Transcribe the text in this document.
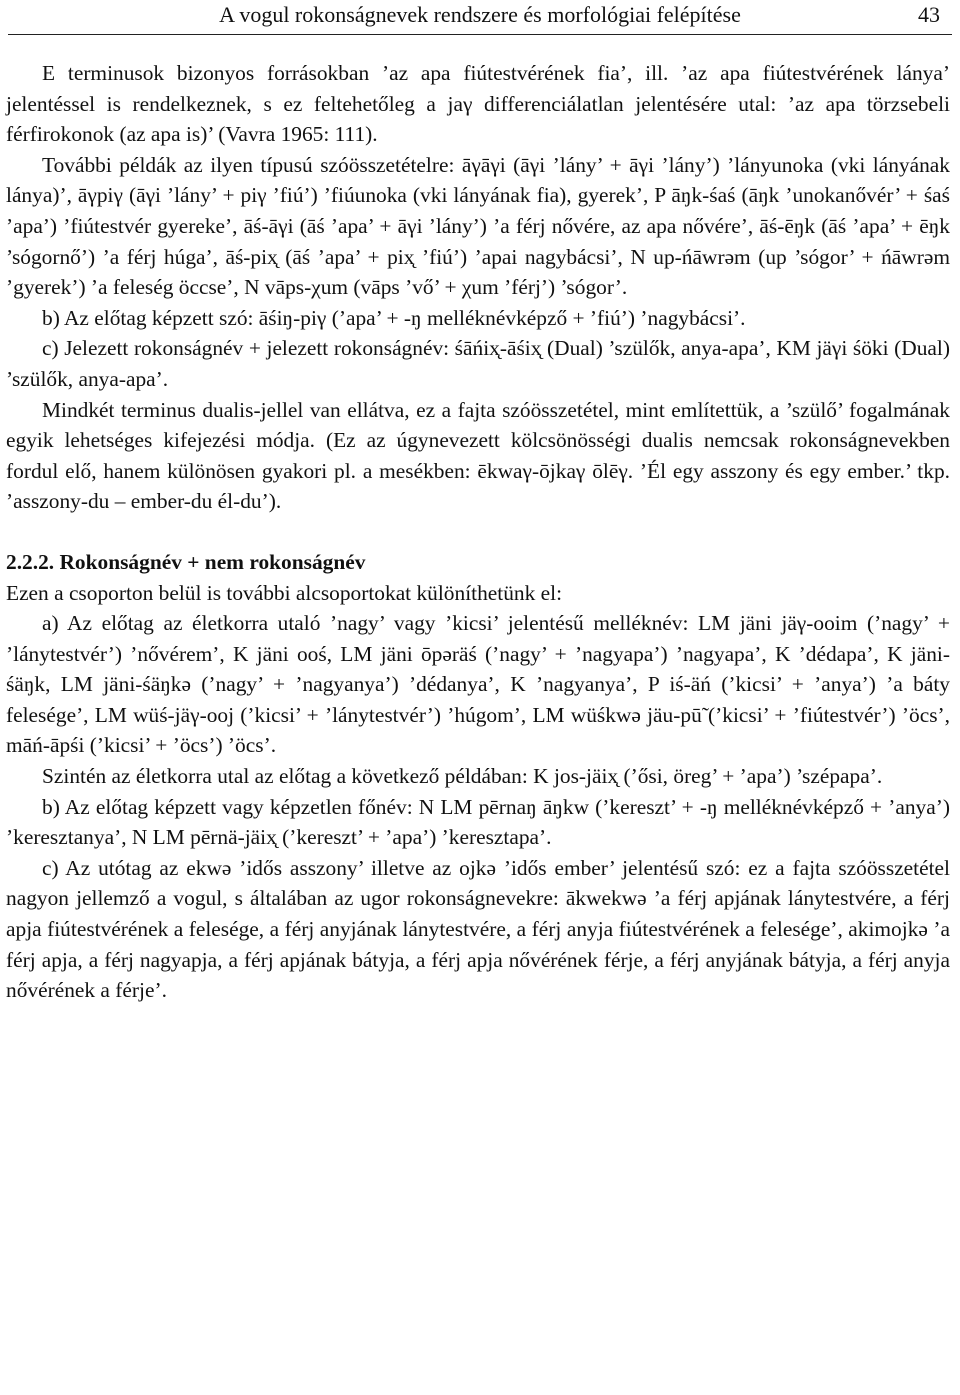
A vogul rokonságnevek rendszere és morfológiai felépítése	43

E terminusok bizonyos forrásokban ’az apa fiútestvérének fia’, ill. ’az apa fiútestvérének lánya’ jelentéssel is rendelkeznek, s ez feltehetőleg a jaγ differenciálatlan jelentésére utal: ’az apa törzsebeli férfirokonok (az apa is)’ (Vavra 1965: 111).

További példák az ilyen típusú szóösszetételre: āγāγi (āγi ’lány’ + āγi ’lány’) ’lányunoka (vki lányának lánya)’, āγpiγ (āγi ’lány’ + piγ ’fiú’) ’fiúunoka (vki lányának fia), gyerek’, P āŋk-śaś (āŋk ’unokanővér’ + śaś ’apa’) ’fiútestvér gyereke’, āś-āγi (āś ’apa’ + āγi ’lány’) ’a férj nővére, az apa nővére’, āś-ēŋk (āś ’apa’ + ēŋk ’sógornő’) ’a férj húga’, āś-pix̨ (āś ’apa’ + pix̨ ’fiú’) ’apai nagybácsi’, N up-ńāwrəm (up ’sógor’ + ńāwrəm ’gyerek’) ’a feleség öccse’, N vāps-χum (vāps ’vő’ + χum ’férj’) ’sógor’.

b) Az előtag képzett szó: āśiŋ-piγ (’apa’ + -ŋ melléknévképző + ’fiú’) ’nagybácsi’.

c) Jelezett rokonságnév + jelezett rokonságnév: śāńix̨-āśix̨ (Dual) ’szülők, anya-apa’, KM jäγi śöki (Dual) ’szülők, anya-apa’.

Mindkét terminus dualis-jellel van ellátva, ez a fajta szóösszetétel, mint említettük, a ’szülő’ fogalmának egyik lehetséges kifejezési módja. (Ez az úgynevezett kölcsönösségi dualis nemcsak rokonságnevekben fordul elő, hanem különösen gyakori pl. a mesékben: ēkwaγ-ōjkaγ ōlēγ. ’Él egy asszony és egy ember.’ tkp. ’asszony-du – ember-du él-du’).

2.2.2. Rokonságnév + nem rokonságnév

Ezen a csoporton belül is további alcsoportokat különíthetünk el:

a) Az előtag az életkorra utaló ’nagy’ vagy ’kicsi’ jelentésű melléknév: LM jäni jäγ-ooim (’nagy’ + ’lánytestvér’) ’nővérem’, K jäni ooś, LM jäni ōpəräś (’nagy’ + ’nagyapa’) ’nagyapa’, K ’dédapa’, K jäni-śäŋk, LM jäni-śäŋkə (’nagy’ + ’nagyanya’) ’dédanya’, K ’nagyanya’, P iś-äń (’kicsi’ + ’anya’) ’a báty felesége’, LM wüś-jäγ-ooj (’kicsi’ + ’lánytestvér’) ’húgom’, LM wüśkwə jäu-pū̃ (’kicsi’ + ’fiútestvér’) ’öcs’, māń-āpśi (’kicsi’ + ’öcs’) ’öcs’.

Szintén az életkorra utal az előtag a következő példában: K jos-jäix̨ (’ősi, öreg’ + ’apa’) ’szépapa’.

b) Az előtag képzett vagy képzetlen főnév: N LM pērnaŋ āŋkw (’kereszt’ + -ŋ melléknévképző + ’anya’) ’keresztanya’, N LM pērnä-jäix̨ (’kereszt’ + ’apa’) ’keresztapa’.

c) Az utótag az ekwə ’idős asszony’ illetve az ojkə ’idős ember’ jelentésű szó: ez a fajta szóösszetétel nagyon jellemző a vogul, s általában az ugor rokonságnevekre: ākwekwə ’a férj apjának lánytestvére, a férj apja fiútestvérének a felesége, a férj anyjának lánytestvére, a férj anyja fiútestvérének a felesége’, akimojkə ’a férj apja, a férj nagyapja, a férj apjának bátyja, a férj apja nővérének férje, a férj anyjának bátyja, a férj anyja nővérének a férje’.
